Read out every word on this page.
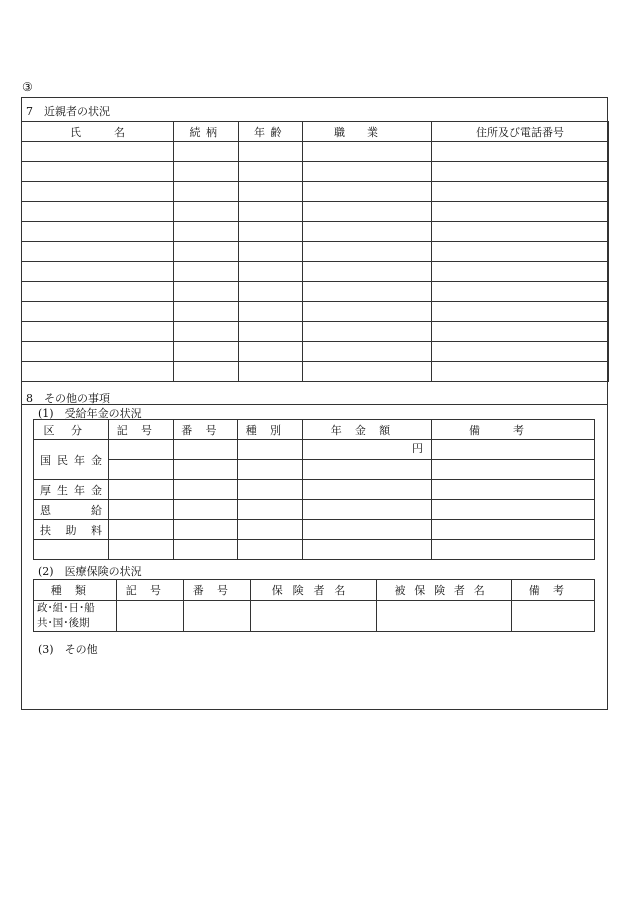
③
7　近親者の状況
氏　　　名	続柄	年齢	職業	住所及び電話番号

8　その他の事項
(1)　受給年金の状況
区分	記号	番号	種別	年金額	備考
国民年金				円	

厚生年金					
恩給					
扶助料					

(2)　医療保険の状況
種類	記号	番号	保険者名	被保険者名	備考

政･組･日･船
共･国･後期					

(3)　その他
